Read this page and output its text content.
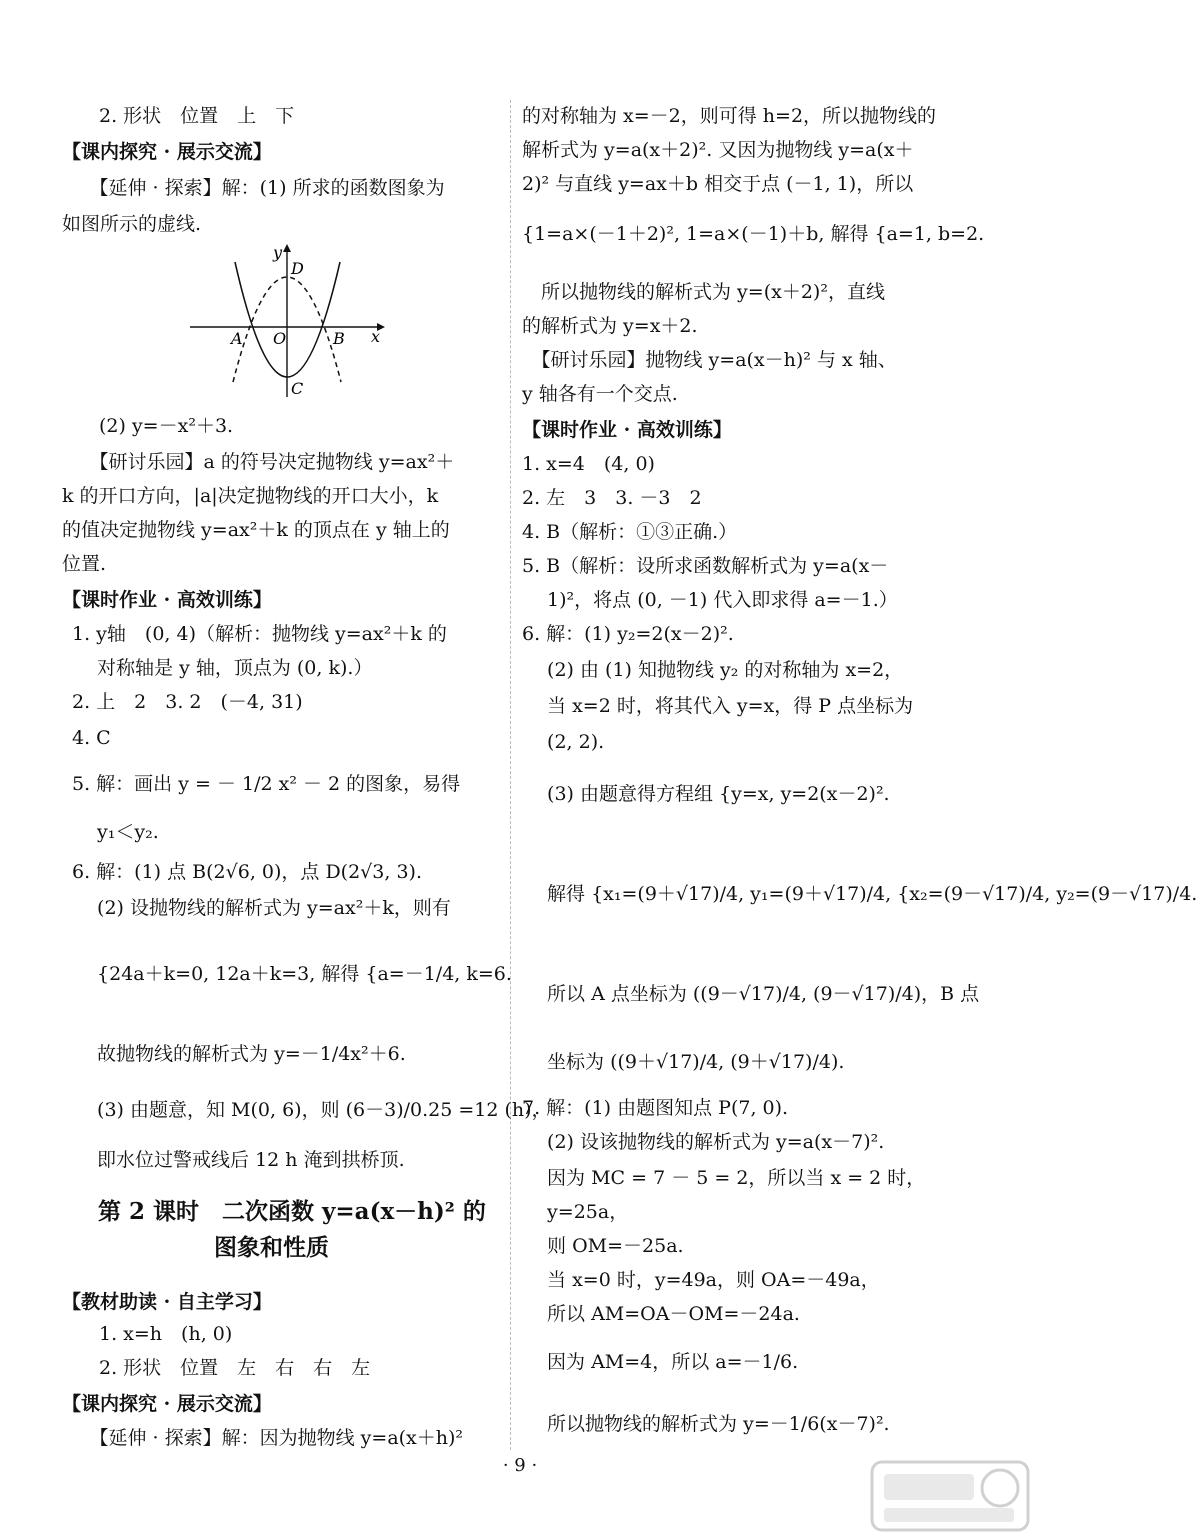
　2. 形状　位置　上　下
【课内探究 · 展示交流】
　【延伸 · 探索】解：(1) 所求的函数图象为
如图所示的虚线.
y
x
D
O
A	B
C
　(2) y=－x²＋3.
　【研讨乐园】a 的符号决定抛物线 y=ax²＋
k 的开口方向，|a|决定抛物线的开口大小，k
的值决定抛物线 y=ax²＋k 的顶点在 y 轴上的
位置.
【课时作业 · 高效训练】
1. y轴　(0, 4)（解析：抛物线 y=ax²＋k 的
　 对称轴是 y 轴，顶点为 (0, k).）
2. 上　2　3. 2　(－4, 31)
4. C
5. 解：画出 y = － 1/2 x² － 2 的图象，易得
　 y₁＜y₂.
6. 解：(1) 点 B(2√6, 0)，点 D(2√3, 3).
　 (2) 设抛物线的解析式为 y=ax²＋k，则有
　 {24a＋k=0, 12a＋k=3, 解得 {a=－1/4, k=6.
　 故抛物线的解析式为 y=－1/4x²＋6.
　 (3) 由题意，知 M(0, 6)，则 (6－3)/0.25 =12 (h)，
　 即水位过警戒线后 12 h 淹到拱桥顶.
第 2 课时　二次函数 y=a(x－h)² 的
图象和性质
【教材助读 · 自主学习】
　1. x=h　(h, 0)
　2. 形状　位置　左　右　右　左
【课内探究 · 展示交流】
　【延伸 · 探索】解：因为抛物线 y=a(x＋h)²
的对称轴为 x=－2，则可得 h=2，所以抛物线的
解析式为 y=a(x＋2)². 又因为抛物线 y=a(x＋
2)² 与直线 y=ax＋b 相交于点 (－1, 1)，所以
{1=a×(－1＋2)², 1=a×(－1)＋b, 解得 {a=1, b=2.
　所以抛物线的解析式为 y=(x＋2)²，直线
的解析式为 y=x＋2.
　【研讨乐园】抛物线 y=a(x－h)² 与 x 轴、
y 轴各有一个交点.
【课时作业 · 高效训练】
1. x=4　(4, 0)
2. 左　3　3. －3　2
4. B（解析：①③正确.）
5. B（解析：设所求函数解析式为 y=a(x－
　 1)²，将点 (0, －1) 代入即求得 a=－1.）
6. 解：(1) y₂=2(x－2)².
　 (2) 由 (1) 知抛物线 y₂ 的对称轴为 x=2，
　 当 x=2 时，将其代入 y=x，得 P 点坐标为
　 (2, 2).
　 (3) 由题意得方程组 {y=x, y=2(x－2)².
　 解得 {x₁=(9＋√17)/4, y₁=(9＋√17)/4, {x₂=(9－√17)/4, y₂=(9－√17)/4.
　 所以 A 点坐标为 ((9－√17)/4, (9－√17)/4)，B 点
　 坐标为 ((9＋√17)/4, (9＋√17)/4).
7. 解：(1) 由题图知点 P(7, 0).
　 (2) 设该抛物线的解析式为 y=a(x－7)².
　 因为 MC = 7 － 5 = 2，所以当 x = 2 时，
　 y=25a，
　 则 OM=－25a.
　 当 x=0 时，y=49a，则 OA=－49a，
　 所以 AM=OA－OM=－24a.
　 因为 AM=4，所以 a=－1/6.
　 所以抛物线的解析式为 y=－1/6(x－7)².
· 9 ·
